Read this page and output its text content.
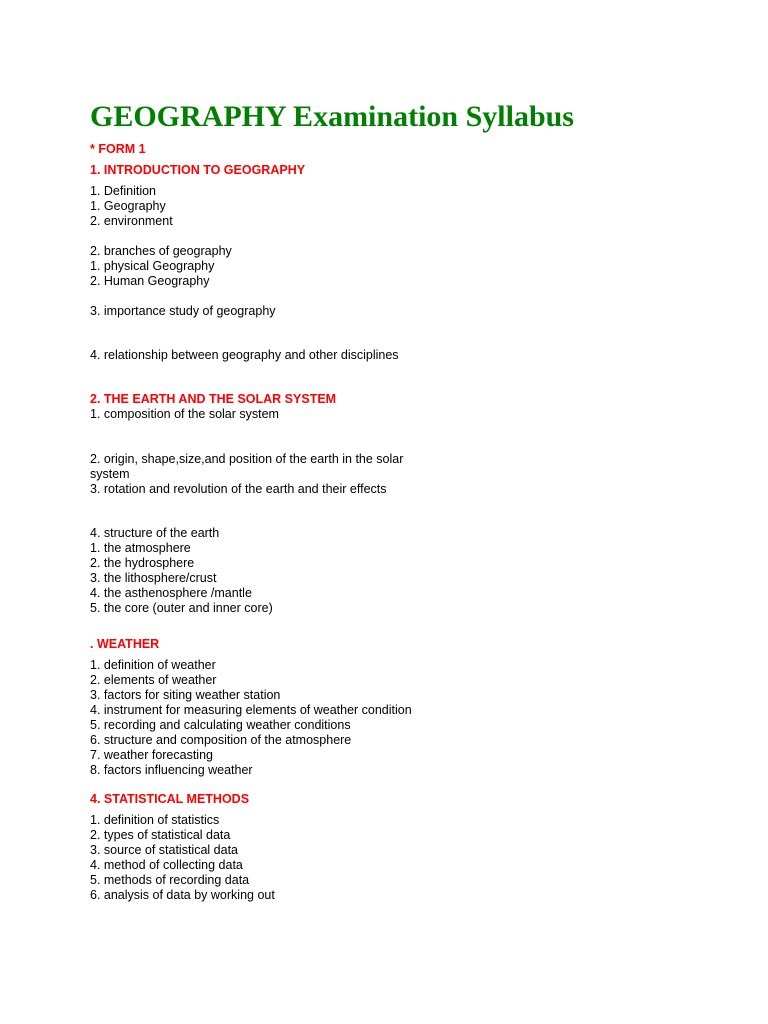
GEOGRAPHY Examination Syllabus
* FORM 1
1. INTRODUCTION TO GEOGRAPHY
1. Definition
1. Geography
2. environment
2. branches of geography
1. physical Geography
2. Human Geography
3. importance study of geography
4. relationship between geography and other disciplines
2. THE EARTH AND THE SOLAR SYSTEM
1. composition of the solar system
2. origin, shape,size,and position of the earth in the solar
system
3. rotation and revolution of the earth and their effects
4. structure of the earth
1. the atmosphere
2. the hydrosphere
3. the lithosphere/crust
4. the asthenosphere /mantle
5. the core (outer and inner core)
. WEATHER
1. definition of weather
2. elements of weather
3. factors for siting weather station
4. instrument for measuring elements of weather condition
5. recording and calculating weather conditions
6. structure and composition of the atmosphere
7. weather forecasting
8. factors influencing weather
4. STATISTICAL METHODS
1. definition of statistics
2. types of statistical data
3. source of statistical data
4. method of collecting data
5. methods of recording data
6. analysis of data by working out
